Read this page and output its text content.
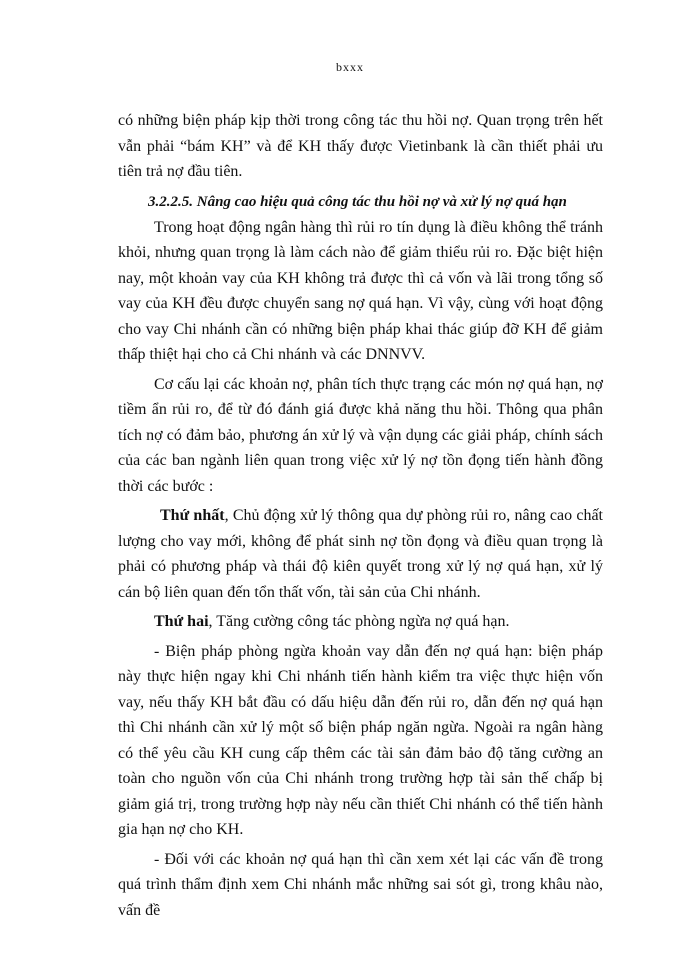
bxxx

có những biện pháp kịp thời trong công tác thu hồi nợ. Quan trọng trên hết vẫn phải “bám KH” và để KH thấy được Vietinbank là cần thiết phải ưu tiên trả nợ đầu tiên.

3.2.2.5. Nâng cao hiệu quả công tác thu hồi nợ và xử lý nợ quá hạn

Trong hoạt động ngân hàng thì rủi ro tín dụng là điều không thể tránh khỏi, nhưng quan trọng là làm cách nào để giảm thiểu rủi ro. Đặc biệt hiện nay, một khoản vay của KH không trả được thì cả vốn và lãi trong tổng số vay của KH đều được chuyển sang nợ quá hạn. Vì vậy, cùng với hoạt động cho vay Chi nhánh cần có những biện pháp khai thác giúp đỡ KH để giảm thấp thiệt hại cho cả Chi nhánh và các DNNVV.

Cơ cấu lại các khoản nợ, phân tích thực trạng các món nợ quá hạn, nợ tiềm ẩn rủi ro, để từ đó đánh giá được khả năng thu hồi. Thông qua phân tích nợ có đảm bảo, phương án xử lý và vận dụng các giải pháp, chính sách của các ban ngành liên quan trong việc xử lý nợ tồn đọng tiến hành đồng thời các bước :

Thứ nhất, Chủ động xử lý thông qua dự phòng rủi ro, nâng cao chất lượng cho vay mới, không để phát sinh nợ tồn đọng và điều quan trọng là phải có phương pháp và thái độ kiên quyết trong xử lý nợ quá hạn, xử lý cán bộ liên quan đến tổn thất vốn, tài sản của Chi nhánh.

Thứ hai, Tăng cường công tác phòng ngừa nợ quá hạn.

- Biện pháp phòng ngừa khoản vay dẫn đến nợ quá hạn: biện pháp này thực hiện ngay khi Chi nhánh tiến hành kiểm tra việc thực hiện vốn vay, nếu thấy KH bắt đầu có dấu hiệu dẫn đến rủi ro, dẫn đến nợ quá hạn thì Chi nhánh cần xử lý một số biện pháp ngăn ngừa. Ngoài ra ngân hàng có thể yêu cầu KH cung cấp thêm các tài sản đảm bảo độ tăng cường an toàn cho nguồn vốn của Chi nhánh trong trường hợp tài sản thế chấp bị giảm giá trị, trong trường hợp này nếu cần thiết Chi nhánh có thể tiến hành gia hạn nợ cho KH.

- Đối với các khoản nợ quá hạn thì cần xem xét lại các vấn đề trong quá trình thẩm định xem Chi nhánh mắc những sai sót gì, trong khâu nào, vấn đề
